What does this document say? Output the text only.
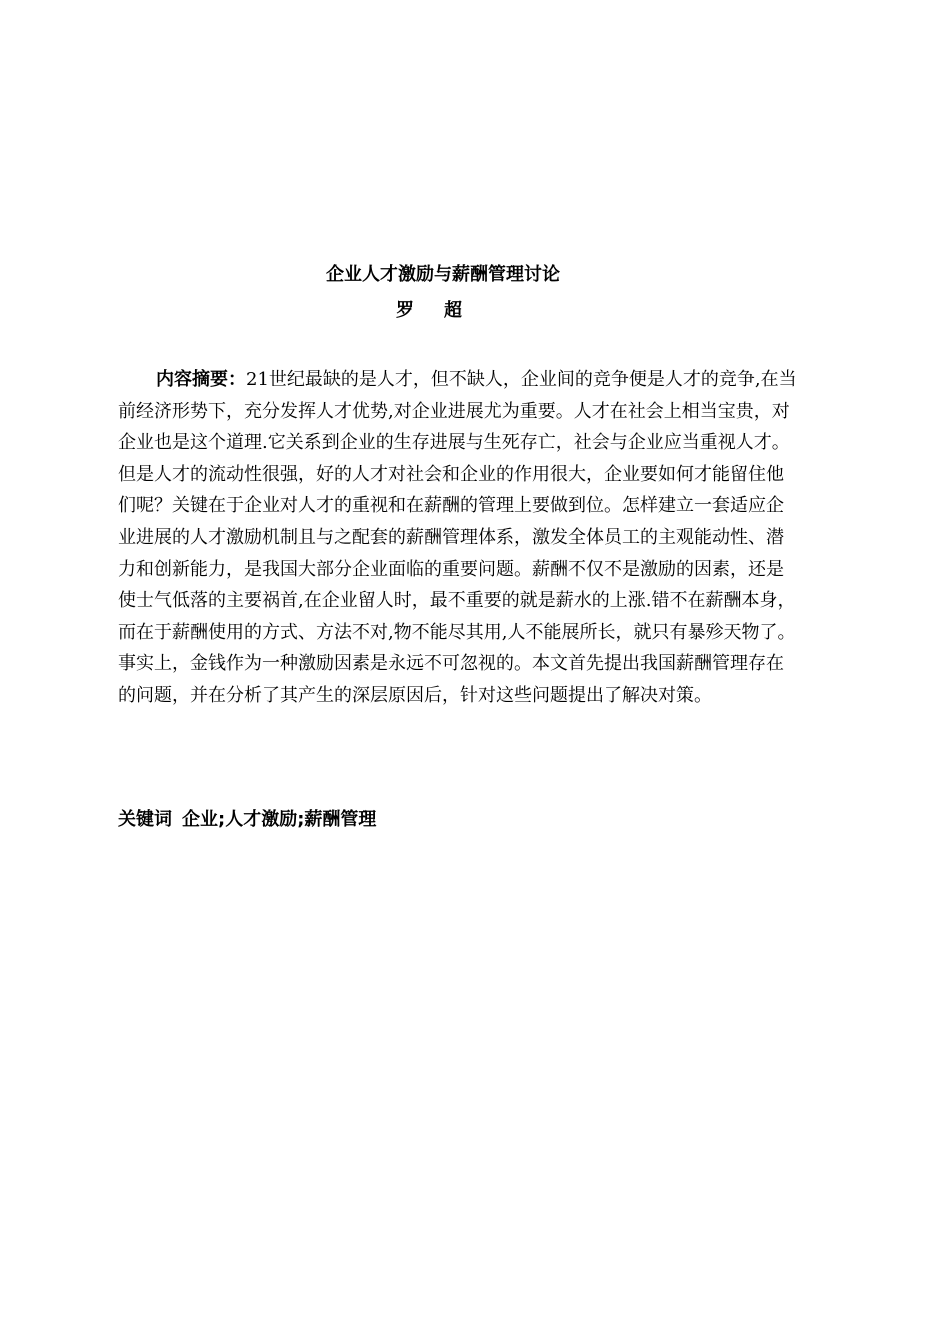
企业人才激励与薪酬管理讨论
罗超
内容摘要：21世纪最缺的是人才，但不缺人，企业间的竞争便是人才的竞争,在当
前经济形势下，充分发挥人才优势,对企业进展尤为重要。人才在社会上相当宝贵，对
企业也是这个道理.它关系到企业的生存进展与生死存亡，社会与企业应当重视人才。
但是人才的流动性很强，好的人才对社会和企业的作用很大，企业要如何才能留住他
们呢？关键在于企业对人才的重视和在薪酬的管理上要做到位。怎样建立一套适应企
业进展的人才激励机制且与之配套的薪酬管理体系，激发全体员工的主观能动性、潜
力和创新能力，是我国大部分企业面临的重要问题。薪酬不仅不是激励的因素，还是
使士气低落的主要祸首,在企业留人时，最不重要的就是薪水的上涨.错不在薪酬本身，
而在于薪酬使用的方式、方法不对,物不能尽其用,人不能展所长，就只有暴殄天物了。
事实上，金钱作为一种激励因素是永远不可忽视的。本文首先提出我国薪酬管理存在
的问题，并在分析了其产生的深层原因后，针对这些问题提出了解决对策。
关键词 企业;人才激励;薪酬管理
